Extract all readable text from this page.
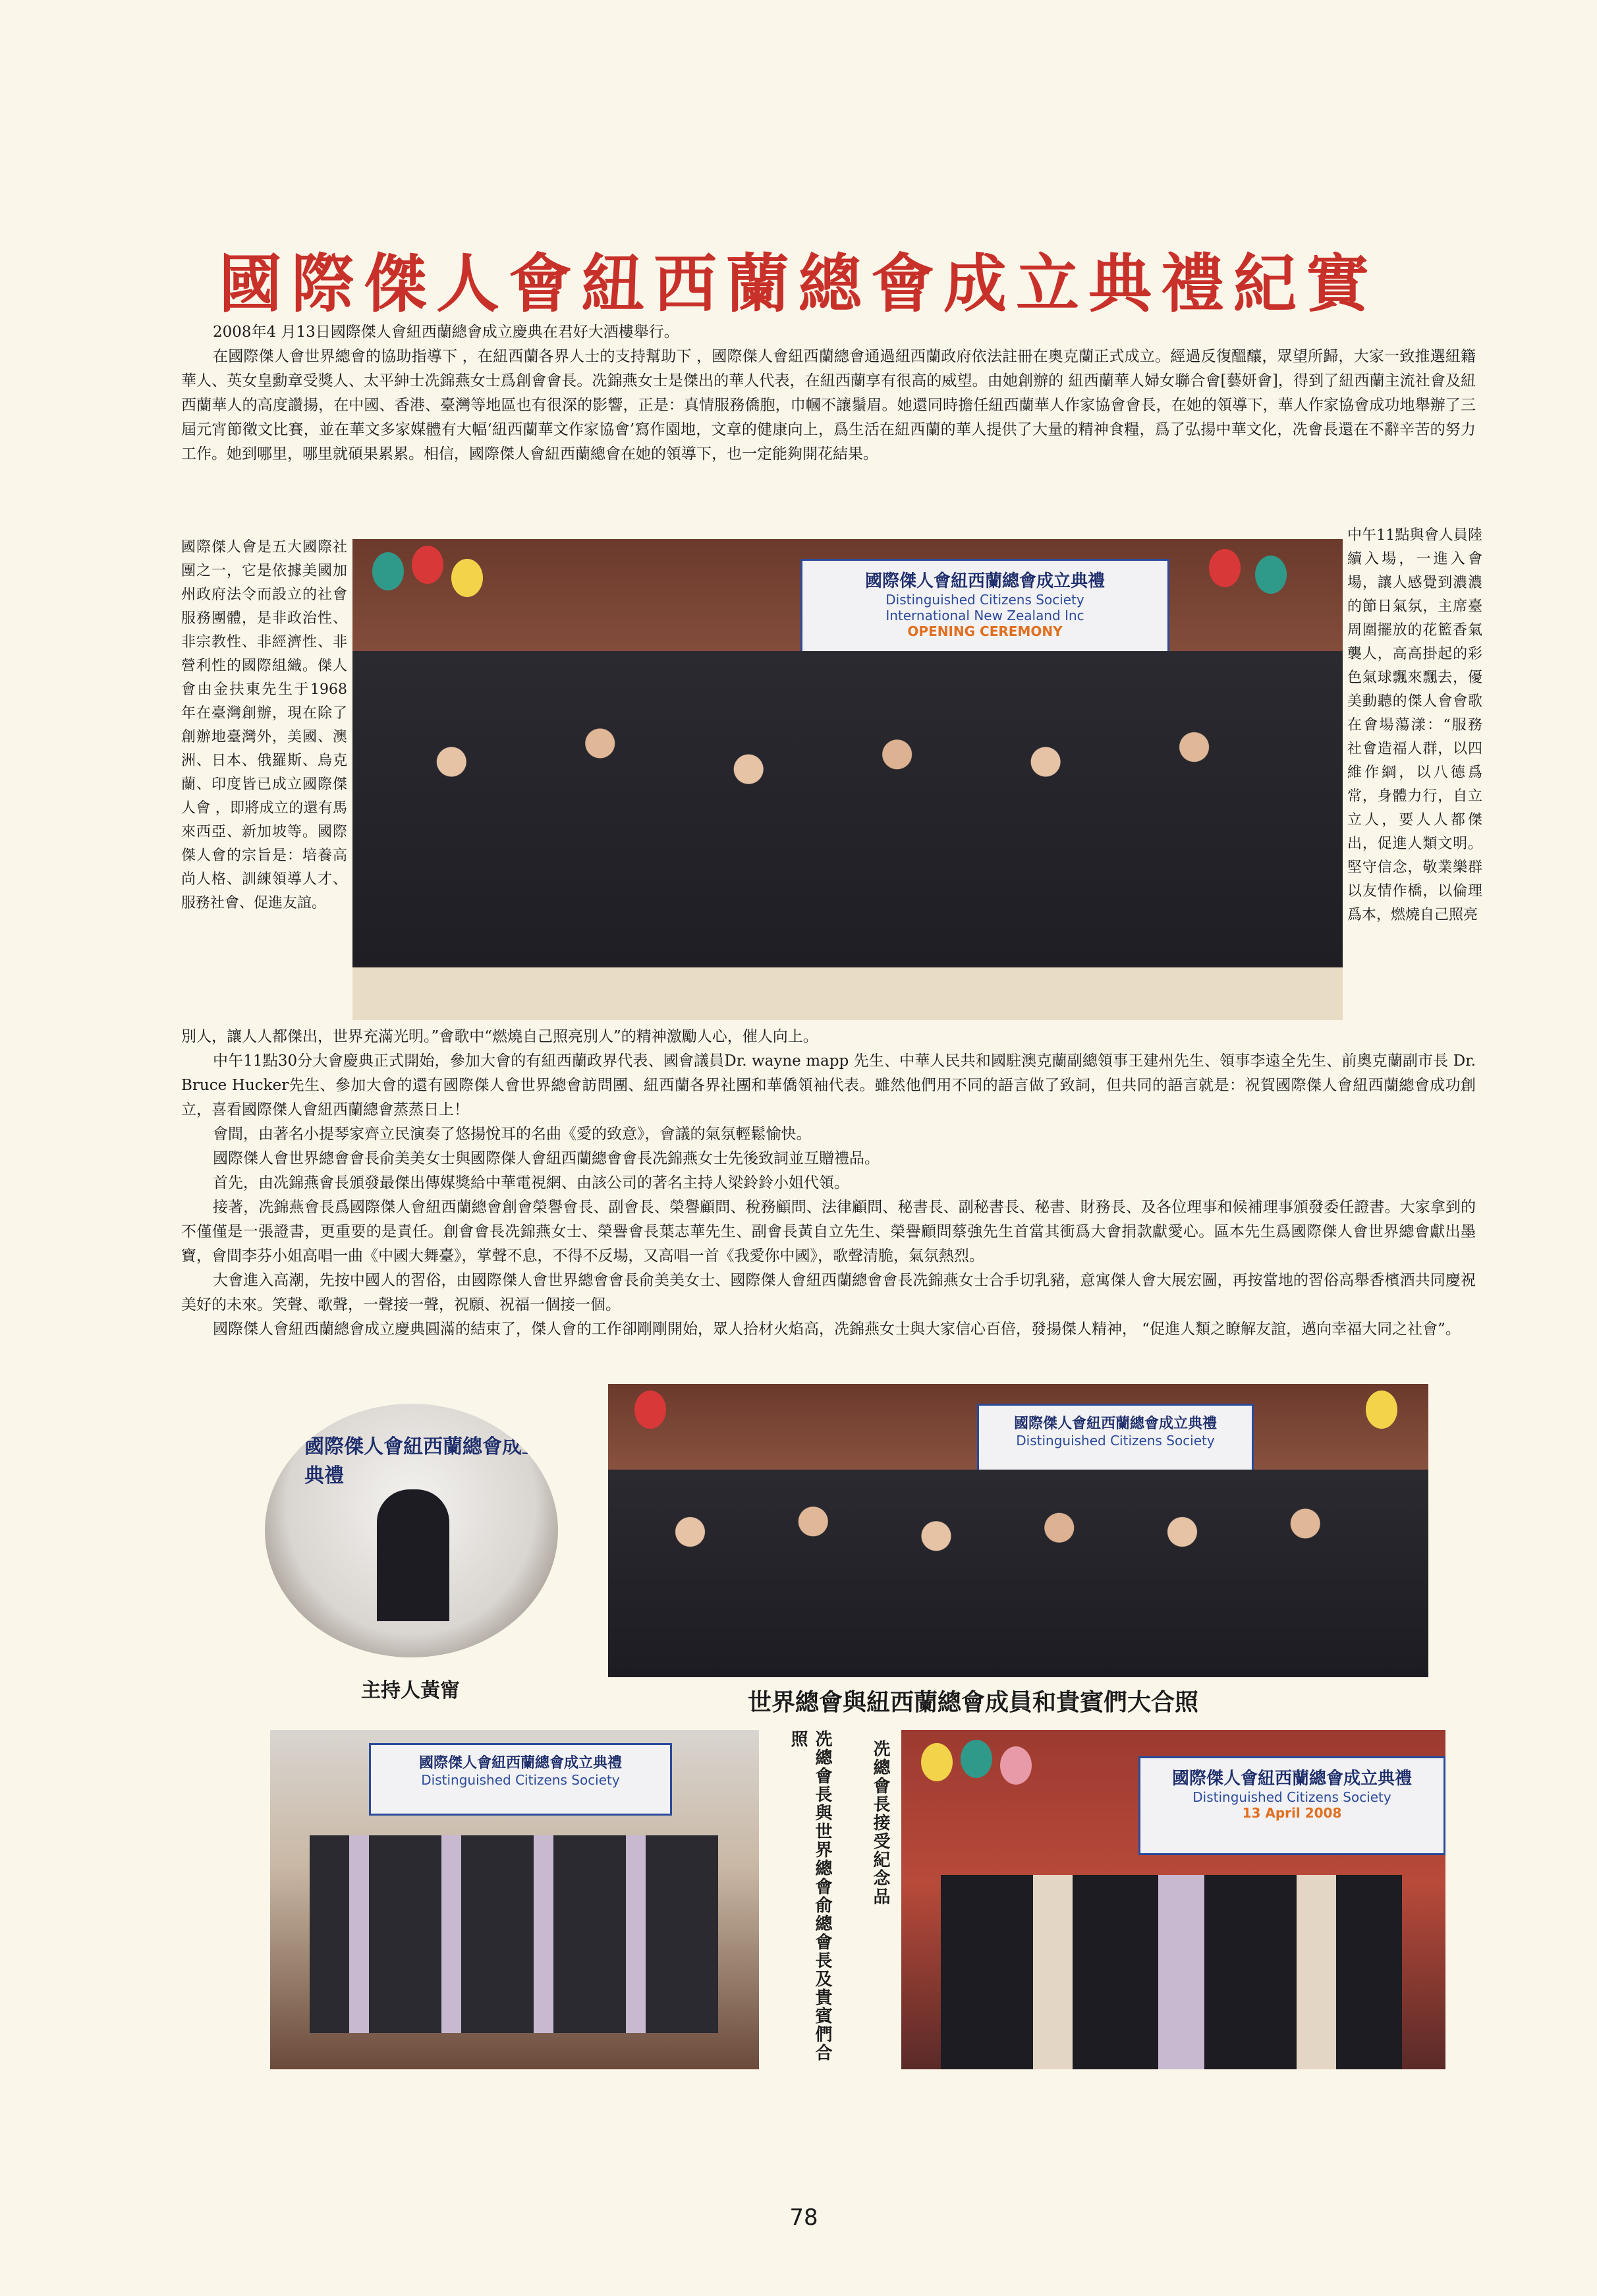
國際傑人會紐西蘭總會成立典禮紀實
2008年4 月13日國際傑人會紐西蘭總會成立慶典在君好大酒樓舉行。
在國際傑人會世界總會的協助指導下 ，在紐西蘭各界人士的支持幫助下 ，國際傑人會紐西蘭總會通過紐西蘭政府依法註冊在奧克蘭正式成立。經過反復醞釀，眾望所歸，大家一致推選紐籍華人、英女皇勳章受獎人、太平紳士冼錦燕女士爲創會會長。冼錦燕女士是傑出的華人代表，在紐西蘭享有很高的威望。由她創辦的 紐西蘭華人婦女聯合會[藝妍會]，得到了紐西蘭主流社會及紐西蘭華人的高度讚揚，在中國、香港、臺灣等地區也有很深的影響，正是：真情服務僑胞，巾幗不讓鬚眉。她還同時擔任紐西蘭華人作家協會會長，在她的領導下，華人作家協會成功地舉辦了三屆元宵節徵文比賽，並在華文多家媒體有大幅‘紐西蘭華文作家協會’寫作園地，文章的健康向上，爲生活在紐西蘭的華人提供了大量的精神食糧，爲了弘揚中華文化，冼會長還在不辭辛苦的努力工作。她到哪里，哪里就碩果累累。相信，國際傑人會紐西蘭總會在她的領導下，也一定能夠開花結果。
國際傑人會是五大國際社團之一，它是依據美國加州政府法令而設立的社會服務團體，是非政治性、非宗教性、非經濟性、非營利性的國際組織。傑人會由金扶東先生于1968年在臺灣創辦，現在除了創辦地臺灣外，美國、澳洲、日本、俄羅斯、烏克蘭、印度皆已成立國際傑人會 ，即將成立的還有馬來西亞、新加坡等。國際傑人會的宗旨是：培養高尚人格、訓練領導人才、服務社會、促進友誼。
國際傑人會紐西蘭總會成立典禮
Distinguished Citizens Society
International New Zealand Inc
OPENING CEREMONY
中午11點與會人員陸續入場，一進入會場，讓人感覺到濃濃的節日氣氛，主席臺周圍擺放的花籃香氣襲人，高高掛起的彩色氣球飄來飄去，優美動聽的傑人會會歌在會場蕩漾：“服務社會造福人群，以四維作綱，以八德爲常，身體力行，自立立人，要人人都傑出，促進人類文明。堅守信念，敬業樂群以友情作橋，以倫理爲本，燃燒自己照亮
別人，讓人人都傑出，世界充滿光明。”會歌中“燃燒自己照亮別人”的精神激勵人心，催人向上。
中午11點30分大會慶典正式開始，參加大會的有紐西蘭政界代表、國會議員Dr. wayne mapp 先生、中華人民共和國駐澳克蘭副總領事王建州先生、領事李遠全先生、前奧克蘭副市長 Dr. Bruce Hucker先生、參加大會的還有國際傑人會世界總會訪問團、紐西蘭各界社團和華僑領袖代表。雖然他們用不同的語言做了致詞，但共同的語言就是：祝賀國際傑人會紐西蘭總會成功創立，喜看國際傑人會紐西蘭總會蒸蒸日上！
會間，由著名小提琴家齊立民演奏了悠揚悅耳的名曲《愛的致意》，會議的氣氛輕鬆愉快。
國際傑人會世界總會會長俞美美女士與國際傑人會紐西蘭總會會長冼錦燕女士先後致詞並互贈禮品。
首先，由冼錦燕會長頒發最傑出傳媒獎給中華電視網、由該公司的著名主持人梁鈴鈴小姐代領。
接著，冼錦燕會長爲國際傑人會紐西蘭總會創會榮譽會長、副會長、榮譽顧問、稅務顧問、法律顧問、秘書長、副秘書長、秘書、財務長、及各位理事和候補理事頒發委任證書。大家拿到的不僅僅是一張證書，更重要的是責任。創會會長冼錦燕女士、榮譽會長葉志華先生、副會長黃自立先生、榮譽顧問蔡強先生首當其衝爲大會捐款獻愛心。區本先生爲國際傑人會世界總會獻出墨寶，會間李芬小姐高唱一曲《中國大舞臺》，掌聲不息，不得不反場，又高唱一首《我愛你中國》，歌聲清脆，氣氛熱烈。
大會進入高潮，先按中國人的習俗，由國際傑人會世界總會會長俞美美女士、國際傑人會紐西蘭總會會長冼錦燕女士合手切乳豬，意寓傑人會大展宏圖，再按當地的習俗高舉香檳酒共同慶祝美好的未來。笑聲、歌聲，一聲接一聲，祝願、祝福一個接一個。
國際傑人會紐西蘭總會成立慶典圓滿的結束了，傑人會的工作卻剛剛開始，眾人拾材火焰高，冼錦燕女士與大家信心百倍，發揚傑人精神， “促進人類之瞭解友誼，邁向幸福大同之社會”。
國際傑人會紐西蘭總會成立典禮
主持人黃甯
國際傑人會紐西蘭總會成立典禮
Distinguished Citizens Society
世界總會與紐西蘭總會成員和貴賓們大合照
國際傑人會紐西蘭總會成立典禮
Distinguished Citizens Society	冼總會長與世界總會俞總會長及貴賓們合照
冼總會長接受紀念品	國際傑人會紐西蘭總會成立典禮
Distinguished Citizens Society
13 April 2008
78
